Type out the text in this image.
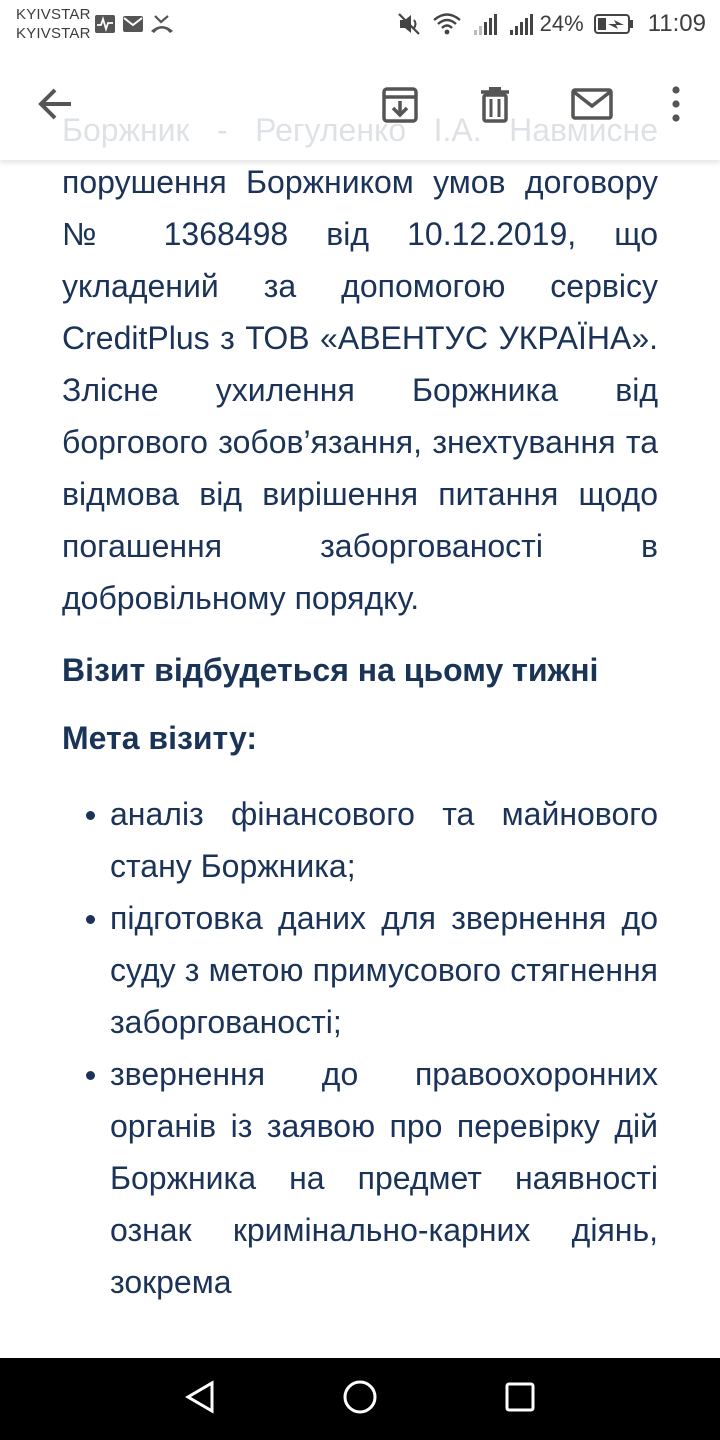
KYIVSTAR
KYIVSTAR	24%	11:09

порушення Боржником умов договору № 1368498 від 10.12.2019, що укладений за допомогою сервісу CreditPlus з ТОВ «АВЕНТУС УКРАЇНА». Злісне ухилення Боржника від боргового зобов’язання, знехтування та відмова від вирішення питання щодо погашення заборгованості в добровільному порядку.

Візит відбудеться на цьому тижні

Мета візиту:

аналіз фінансового та майнового стану Боржника;
підготовка даних для звернення до суду з метою примусового стягнення заборгованості;
звернення до правоохоронних органів із заявою про перевірку дій Боржника на предмет наявності ознак кримінально-карних діянь, зокрема
